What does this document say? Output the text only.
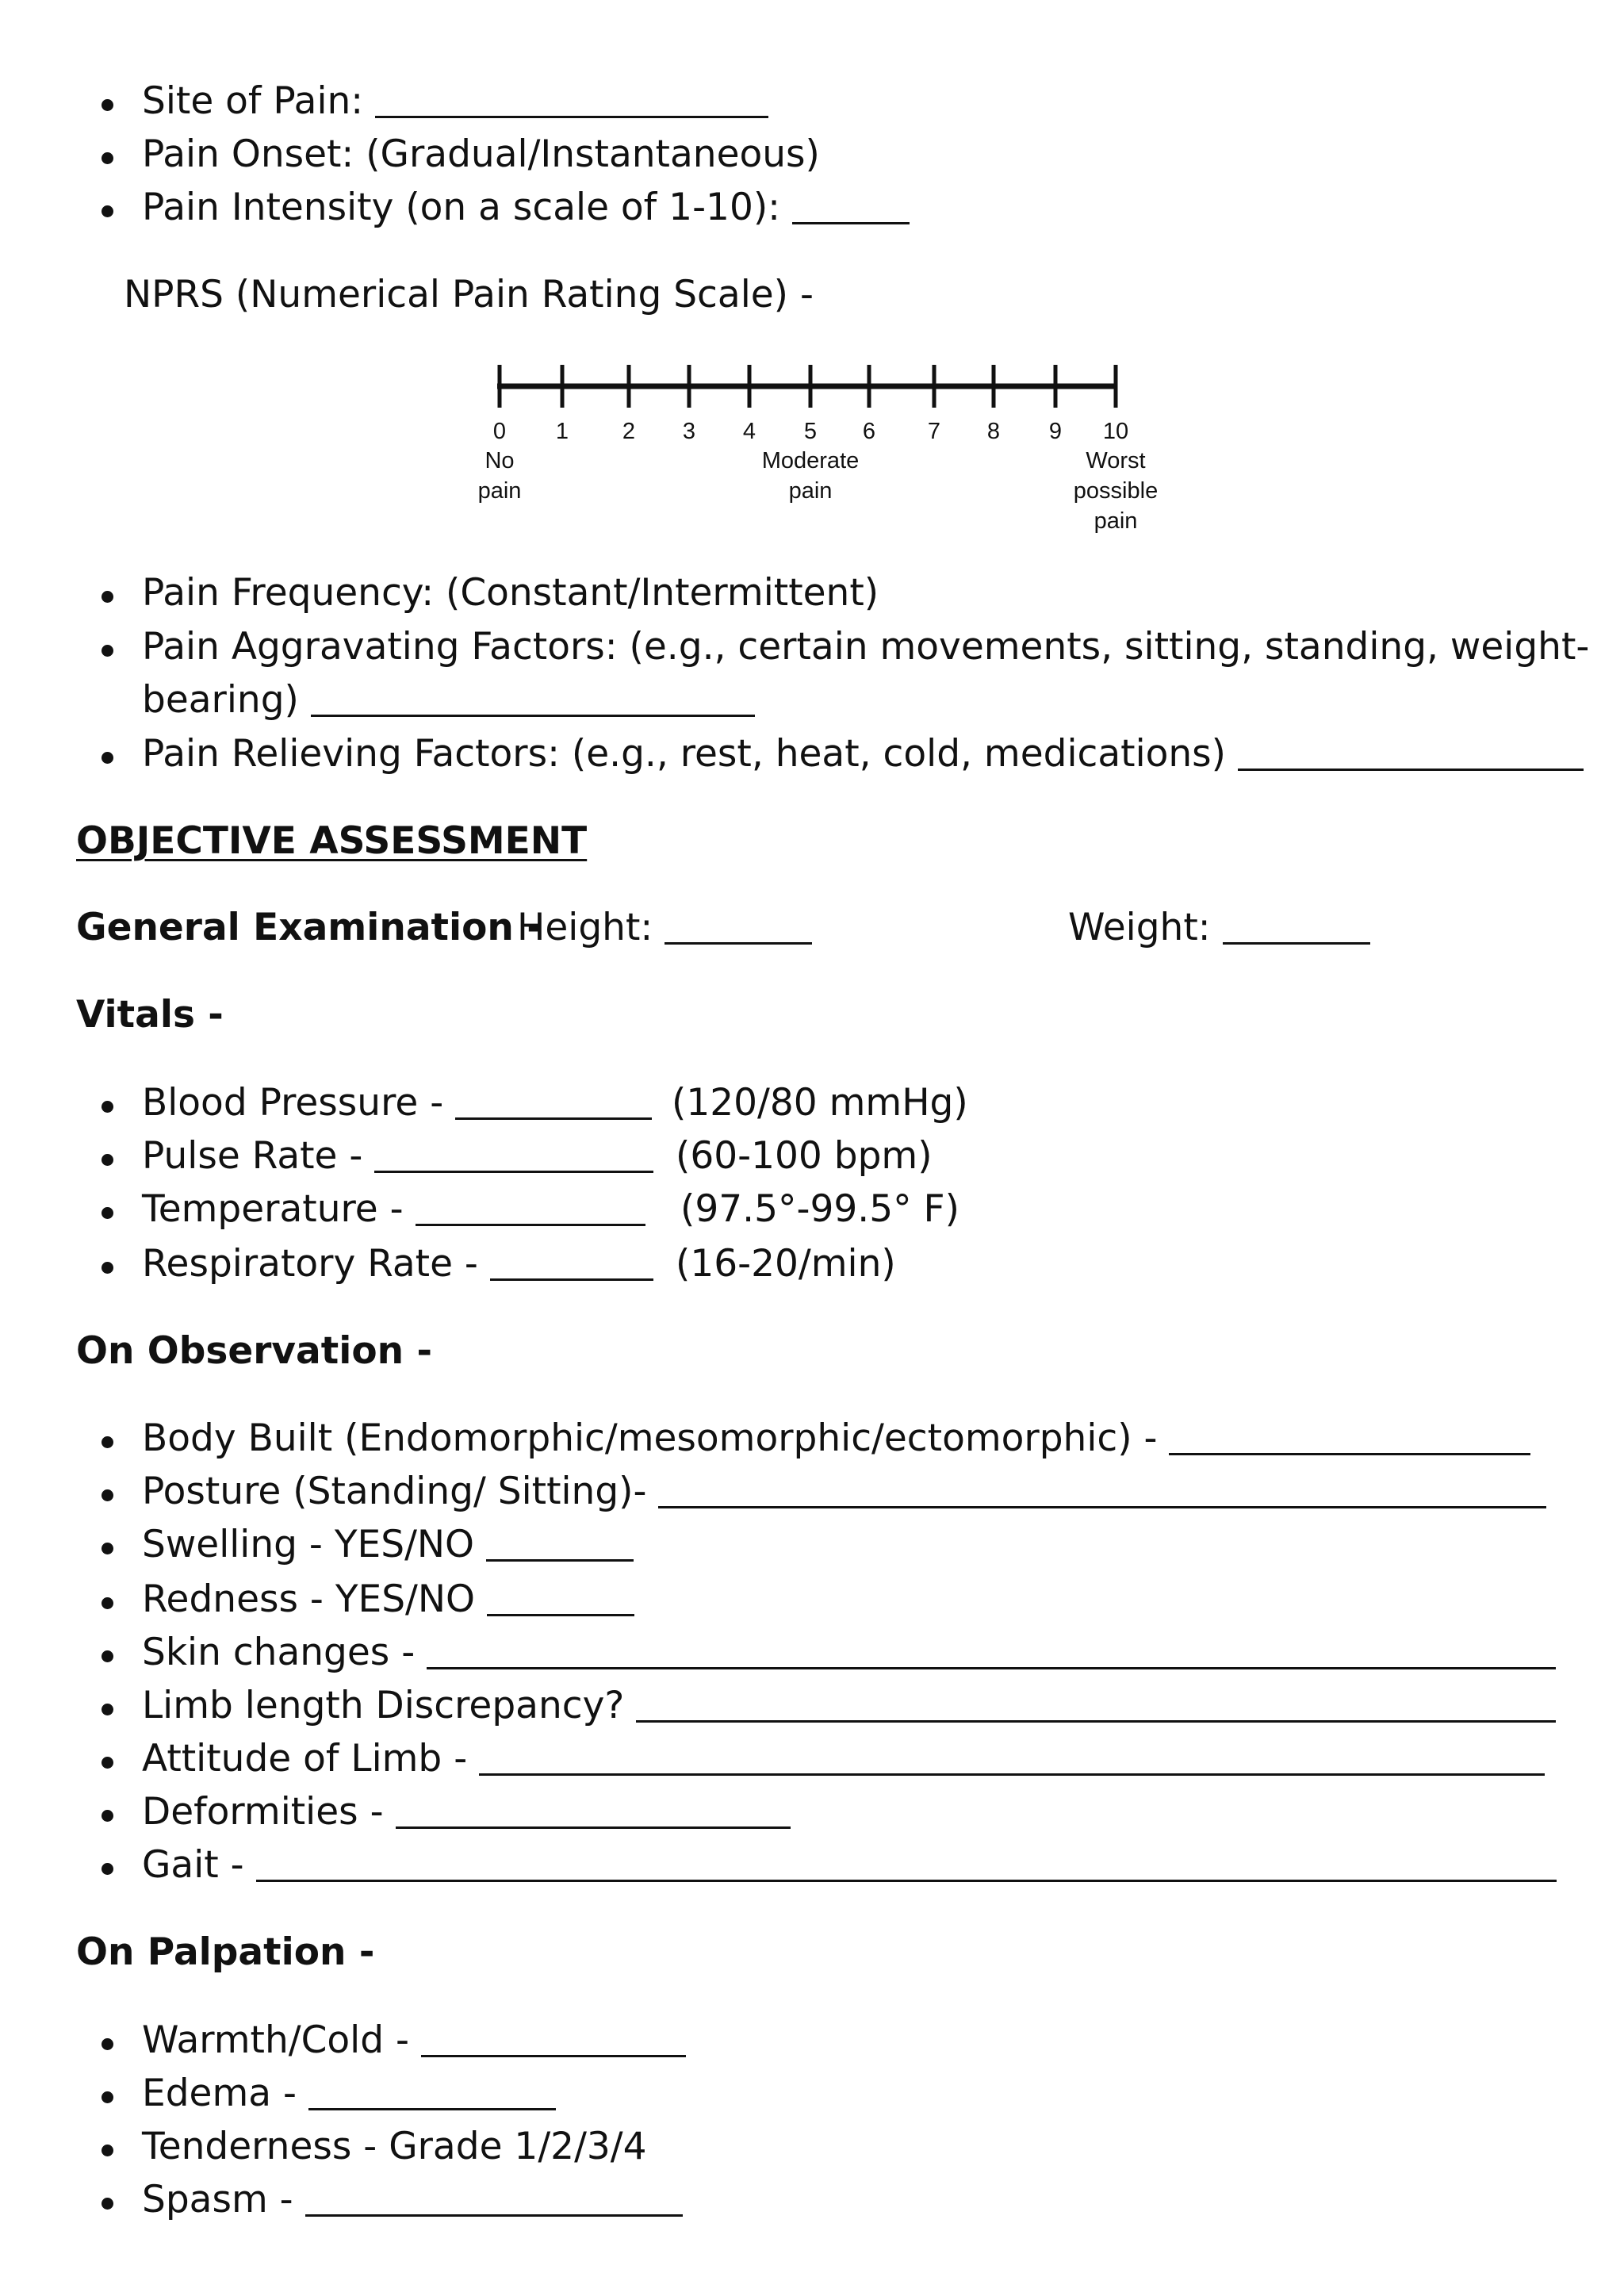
Site of Pain:
Pain Onset: (Gradual/Instantaneous)
Pain Intensity (on a scale of 1-10):
NPRS (Numerical Pain Rating Scale) -
0 1 2 3 4 5 6 7 8 9 10
No
pain
Moderate
pain
Worst
possible
pain
Pain Frequency: (Constant/Intermittent)
Pain Aggravating Factors: (e.g., certain movements, sitting, standing, weight-
bearing)
Pain Relieving Factors: (e.g., rest, heat, cold, medications)
OBJECTIVE ASSESSMENT
General Examination -
Height:	Weight:
Vitals -
Blood Pressure -	(120/80 mmHg)
Pulse Rate -	(60-100 bpm)
Temperature -	(97.5°-99.5° F)
Respiratory Rate -	(16-20/min)
On Observation -
Body Built (Endomorphic/mesomorphic/ectomorphic) -
Posture (Standing/ Sitting)-
Swelling - YES/NO
Redness - YES/NO
Skin changes -
Limb length Discrepancy?
Attitude of Limb -
Deformities -
Gait -
On Palpation -
Warmth/Cold -
Edema -
Tenderness - Grade 1/2/3/4
Spasm -
